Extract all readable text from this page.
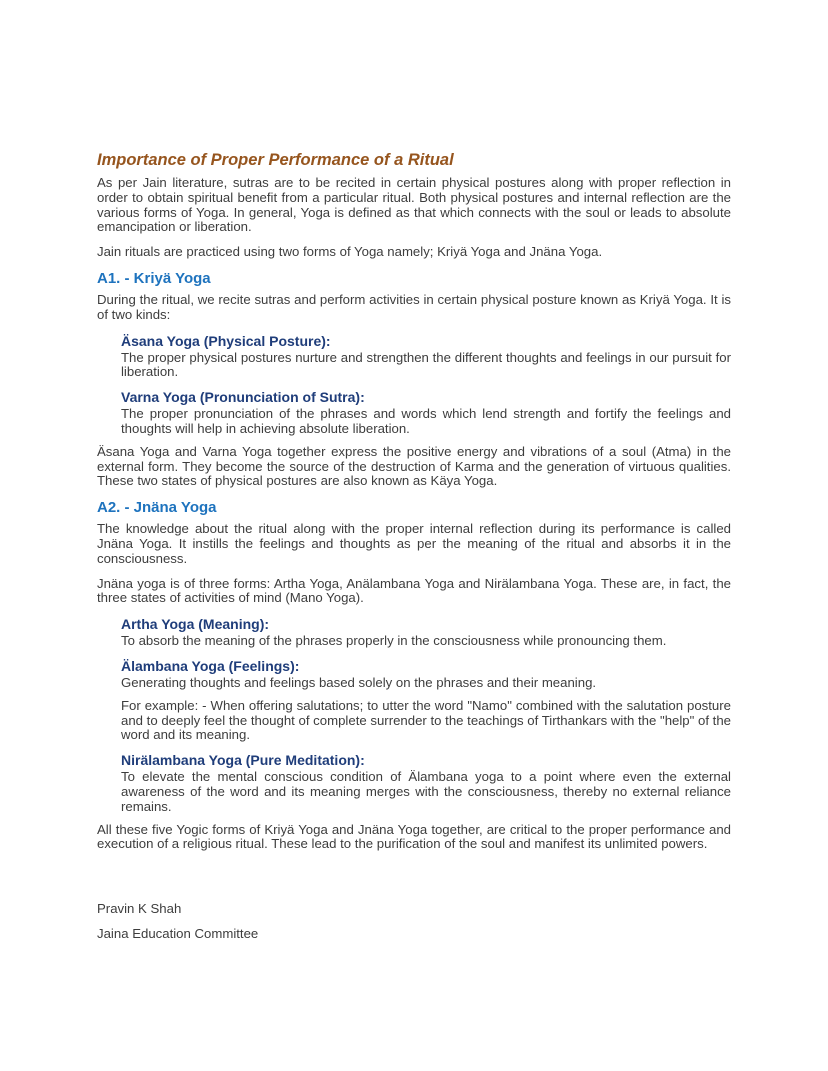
Importance of Proper Performance of a Ritual

As per Jain literature, sutras are to be recited in certain physical postures along with proper reflection in order to obtain spiritual benefit from a particular ritual. Both physical postures and internal reflection are the various forms of Yoga. In general, Yoga is defined as that which connects with the soul or leads to absolute emancipation or liberation.

Jain rituals are practiced using two forms of Yoga namely; Kriyä Yoga and Jnäna Yoga.

A1. - Kriyä Yoga

During the ritual, we recite sutras and perform activities in certain physical posture known as Kriyä Yoga. It is of two kinds:

Äsana Yoga (Physical Posture):

The proper physical postures nurture and strengthen the different thoughts and feelings in our pursuit for liberation.

Varna Yoga (Pronunciation of Sutra):

The proper pronunciation of the phrases and words which lend strength and fortify the feelings and thoughts will help in achieving absolute liberation.

Äsana Yoga and Varna Yoga together express the positive energy and vibrations of a soul (Atma) in the external form. They become the source of the destruction of Karma and the generation of virtuous qualities. These two states of physical postures are also known as Käya Yoga.

A2. - Jnäna Yoga

The knowledge about the ritual along with the proper internal reflection during its performance is called Jnäna Yoga. It instills the feelings and thoughts as per the meaning of the ritual and absorbs it in the consciousness.

Jnäna yoga is of three forms: Artha Yoga, Anälambana Yoga and Nirälambana Yoga. These are, in fact, the three states of activities of mind (Mano Yoga).

Artha Yoga (Meaning):

To absorb the meaning of the phrases properly in the consciousness while pronouncing them.

Älambana Yoga (Feelings):

Generating thoughts and feelings based solely on the phrases and their meaning.

For example: - When offering salutations; to utter the word "Namo" combined with the salutation posture and to deeply feel the thought of complete surrender to the teachings of Tirthankars with the "help" of the word and its meaning.

Nirälambana Yoga (Pure Meditation):

To elevate the mental conscious condition of Älambana yoga to a point where even the external awareness of the word and its meaning merges with the consciousness, thereby no external reliance remains.

All these five Yogic forms of Kriyä Yoga and Jnäna Yoga together, are critical to the proper performance and execution of a religious ritual. These lead to the purification of the soul and manifest its unlimited powers.

Pravin K Shah

Jaina Education Committee
